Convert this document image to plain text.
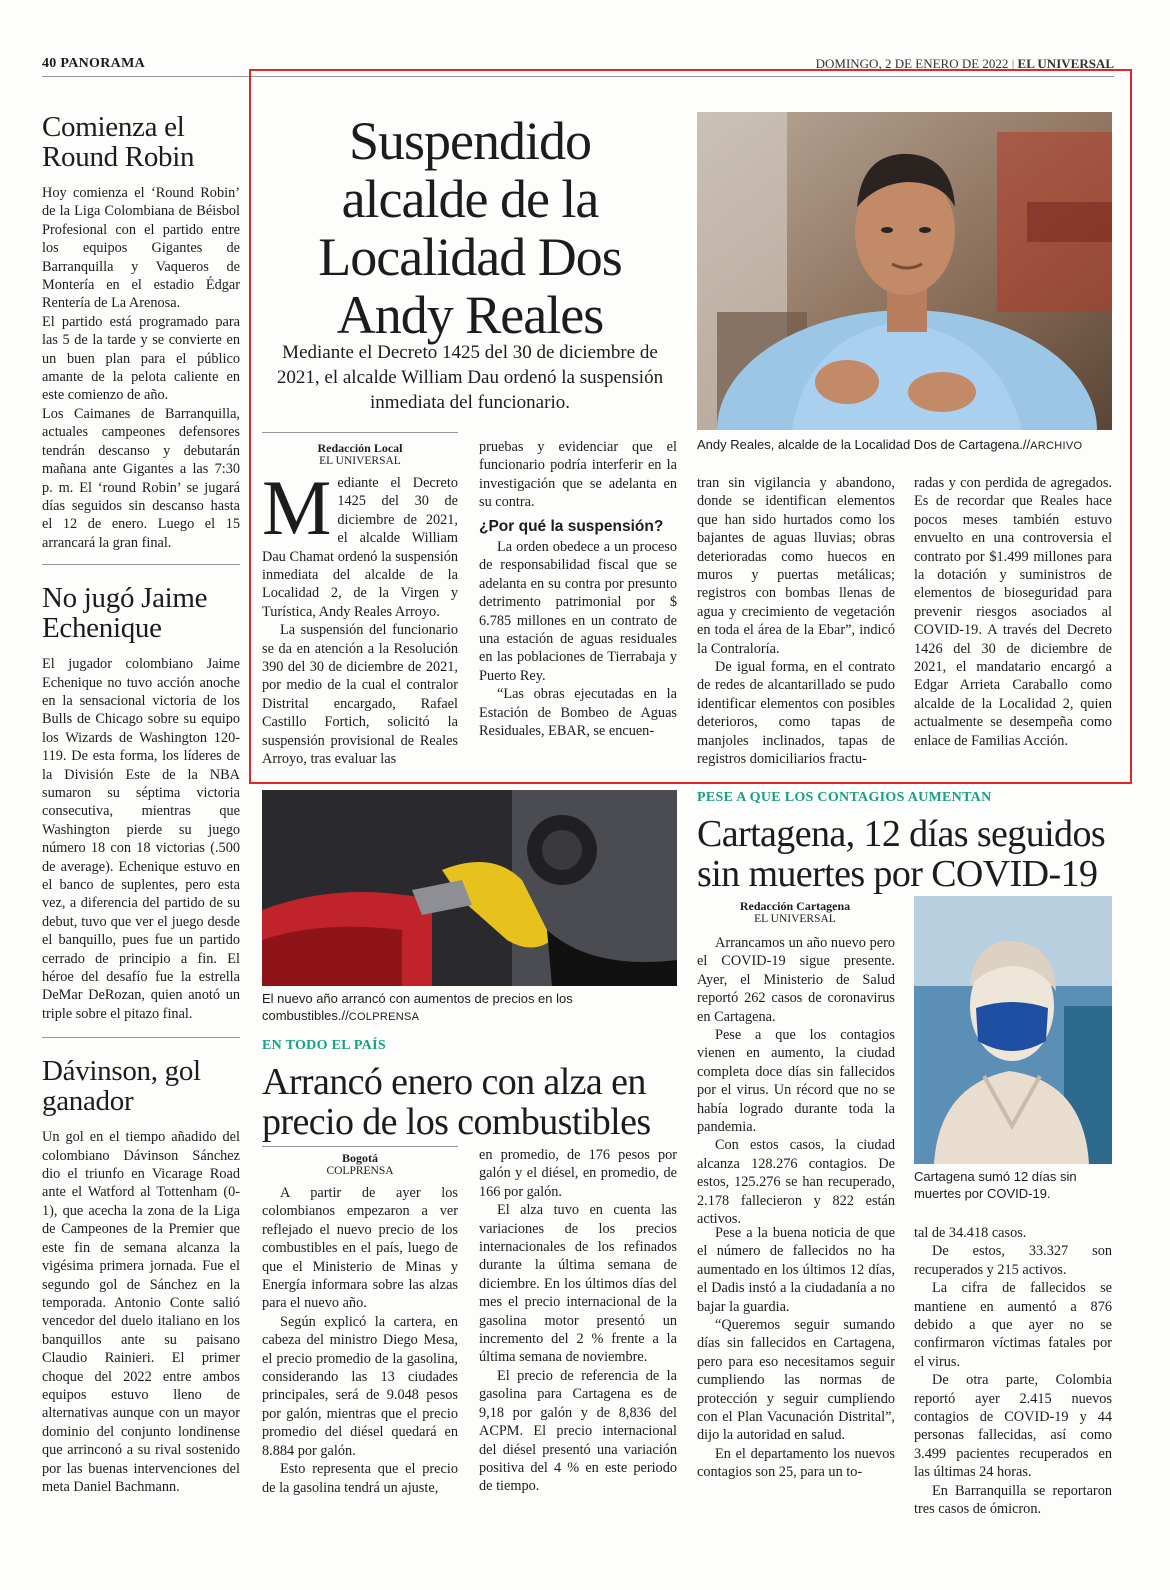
40 PANORAMA	DOMINGO, 2 DE ENERO DE 2022 | EL UNIVERSAL
Comienza el Round Robin

Hoy comienza el ‘Round Robin’ de la Liga Colombiana de Béisbol Profesional con el partido entre los equipos Gigantes de Barranquilla y Vaqueros de Montería en el estadio Édgar Rentería de La Arenosa.

El partido está programado para las 5 de la tarde y se convierte en un buen plan para el público amante de la pelota caliente en este comienzo de año.

Los Caimanes de Barranquilla, actuales campeones defensores tendrán descanso y debutarán mañana ante Gigantes a las 7:30 p. m. El ‘round Robin’ se jugará días seguidos sin descanso hasta el 12 de enero. Luego el 15 arrancará la gran final.

No jugó Jaime Echenique

El jugador colombiano Jaime Echenique no tuvo acción anoche en la sensacional victoria de los Bulls de Chicago sobre su equipo los Wizards de Washington 120-119. De esta forma, los líderes de la División Este de la NBA sumaron su séptima victoria consecutiva, mientras que Washington pierde su juego número 18 con 18 victorias (.500 de average). Echenique estuvo en el banco de suplentes, pero esta vez, a diferencia del partido de su debut, tuvo que ver el juego desde el banquillo, pues fue un partido cerrado de principio a fin. El héroe del desafío fue la estrella DeMar DeRozan, quien anotó un triple sobre el pitazo final.

Dávinson, gol ganador

Un gol en el tiempo añadido del colombiano Dávinson Sánchez dio el triunfo en Vicarage Road ante el Watford al Tottenham (0-1), que acecha la zona de la Liga de Campeones de la Premier que este fin de semana alcanza la vigésima primera jornada. Fue el segundo gol de Sánchez en la temporada. Antonio Conte salió vencedor del duelo italiano en los banquillos ante su paisano Claudio Rainieri. El primer choque del 2022 entre ambos equipos estuvo lleno de alternativas aunque con un mayor dominio del conjunto londinense que arrinconó a su rival sostenido por las buenas intervenciones del meta Daniel Bachmann.

Suspendido alcalde de la Localidad Dos Andy Reales
Mediante el Decreto 1425 del 30 de diciembre de 2021, el alcalde William Dau ordenó la suspensión inmediata del funcionario.
Andy Reales, alcalde de la Localidad Dos de Cartagena.//ARCHIVO
Redacción Local
EL UNIVERSAL

Mediante el Decreto 1425 del 30 de diciembre de 2021, el alcalde William Dau Chamat ordenó la suspensión inmediata del alcalde de la Localidad 2, de la Virgen y Turística, Andy Reales Arroyo.

La suspensión del funcionario se da en atención a la Resolución 390 del 30 de diciembre de 2021, por medio de la cual el contralor Distrital encargado, Rafael Castillo Fortich, solicitó la suspensión provisional de Reales Arroyo, tras evaluar las

pruebas y evidenciar que el funcionario podría interferir en la investigación que se adelanta en su contra.

¿Por qué la suspensión?

La orden obedece a un proceso de responsabilidad fiscal que se adelanta en su contra por presunto detrimento patrimonial por $ 6.785 millones en un contrato de una estación de aguas residuales en las poblaciones de Tierrabaja y Puerto Rey.

“Las obras ejecutadas en la Estación de Bombeo de Aguas Residuales, EBAR, se encuen-

tran sin vigilancia y abandono, donde se identifican elementos que han sido hurtados como los bajantes de aguas lluvias; obras deterioradas como huecos en muros y puertas metálicas; registros con bombas llenas de agua y crecimiento de vegetación en toda el área de la Ebar”, indicó la Contraloría.

De igual forma, en el contrato de redes de alcantarillado se pudo identificar elementos con posibles deterioros, como tapas de manjoles inclinados, tapas de registros domiciliarios fractu-

radas y con perdida de agregados. Es de recordar que Reales hace pocos meses también estuvo envuelto en una controversia el contrato por $1.499 millones para la dotación y suministros de elementos de bioseguridad para prevenir riesgos asociados al COVID-19. A través del Decreto 1426 del 30 de diciembre de 2021, el mandatario encargó a Edgar Arrieta Caraballo como alcalde de la Localidad 2, quien actualmente se desempeña como enlace de Familias Acción.

El nuevo año arrancó con aumentos de precios en los combustibles.//COLPRENSA
EN TODO EL PAÍS
Arrancó enero con alza en precio de los combustibles
Bogotá
COLPRENSA

A partir de ayer los colombianos empezaron a ver reflejado el nuevo precio de los combustibles en el país, luego de que el Ministerio de Minas y Energía informara sobre las alzas para el nuevo año.

Según explicó la cartera, en cabeza del ministro Diego Mesa, el precio promedio de la gasolina, considerando las 13 ciudades principales, será de 9.048 pesos por galón, mientras que el precio promedio del diésel quedará en 8.884 por galón.

Esto representa que el precio de la gasolina tendrá un ajuste,

en promedio, de 176 pesos por galón y el diésel, en promedio, de 166 por galón.

El alza tuvo en cuenta las variaciones de los precios internacionales de los refinados durante la última semana de diciembre. En los últimos días del mes el precio internacional de la gasolina motor presentó un incremento del 2 % frente a la última semana de noviembre.

El precio de referencia de la gasolina para Cartagena es de 9,18 por galón y de 8,836 del ACPM. El precio internacional del diésel presentó una variación positiva del 4 % en este periodo de tiempo.

PESE A QUE LOS CONTAGIOS AUMENTAN
Cartagena, 12 días seguidos sin muertes por COVID-19
Redacción Cartagena
EL UNIVERSAL

Arrancamos un año nuevo pero el COVID-19 sigue presente. Ayer, el Ministerio de Salud reportó 262 casos de coronavirus en Cartagena.

Pese a que los contagios vienen en aumento, la ciudad completa doce días sin fallecidos por el virus. Un récord que no se había logrado durante toda la pandemia.

Con estos casos, la ciudad alcanza 128.276 contagios. De estos, 125.276 se han recuperado, 2.178 fallecieron y 822 están activos.

Pese a la buena noticia de que el número de fallecidos no ha aumentado en los últimos 12 días, el Dadis instó a la ciudadanía a no bajar la guardia.

“Queremos seguir sumando días sin fallecidos en Cartagena, pero para eso necesitamos seguir cumpliendo las normas de protección y seguir cumpliendo con el Plan Vacunación Distrital”, dijo la autoridad en salud.

En el departamento los nuevos contagios son 25, para un to-

Cartagena sumó 12 días sin muertes por COVID-19.

tal de 34.418 casos.

De estos, 33.327 son recuperados y 215 activos.

La cifra de fallecidos se mantiene en aumentó a 876 debido a que ayer no se confirmaron víctimas fatales por el virus.

De otra parte, Colombia reportó ayer 2.415 nuevos contagios de COVID-19 y 44 personas fallecidas, así como 3.499 pacientes recuperados en las últimas 24 horas.

En Barranquilla se reportaron tres casos de ómicron.
